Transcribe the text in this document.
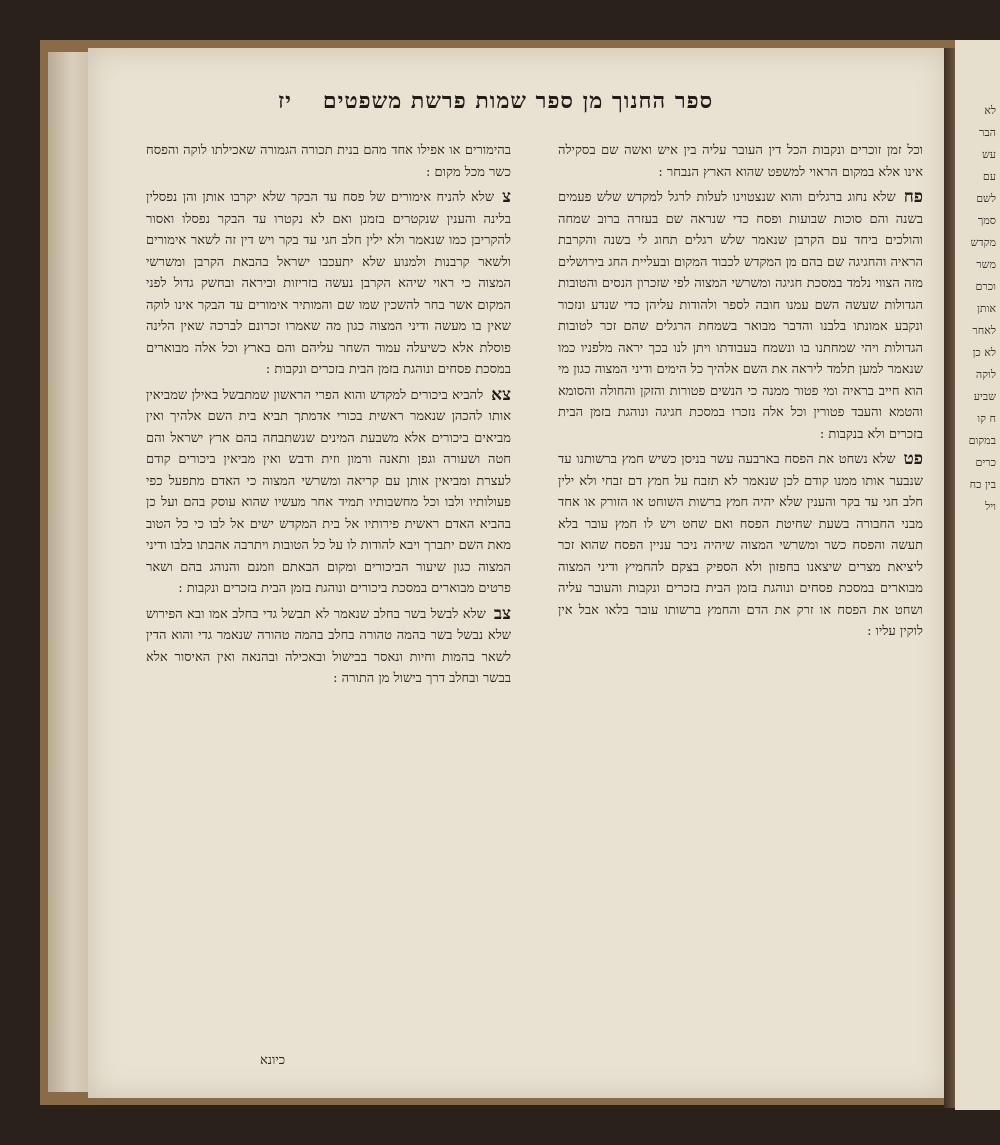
ספר החנוך מן ספר שמות פרשת משפטים
יז

וכל זמן זוכרים ונקבות הכל דין העובר עליה בין איש ואשה שם בסקילה אינו אלא במקום הראוי למשפט שהוא הארץ הנבחר :

פח
שלא נחוג ברגלים והוא שנצטוינו לעלות לרגל למקדש שלש פעמים בשנה והם סוכות שבועות ופסח כדי שנראה שם בעזרה ברוב שמחה והולכים ביחד עם הקרבן שנאמר שלש רגלים תחוג לי בשנה והקרבת הראיה והחגיגה שם בהם מן המקדש לכבוד המקום ובעליית החג בירושלים מזה הצווי נלמד במסכת חגיגה ומשרשי המצוה לפי שזכרון הנסים והטובות הגדולות שעשה השם עמנו חובה לספר ולהודות עליהן כדי שנדע ונזכור ונקבע אמונתו בלבנו והדבר מבואר בשמחת הרגלים שהם זכר לטובות הגדולות ויהי שמחתנו בו ונשמח בעבודתו ויתן לנו בכך יראה מלפניו כמו שנאמר למען תלמד ליראה את השם אלהיך כל הימים ודיני המצוה כגון מי הוא חייב בראיה ומי פטור ממנה כי הנשים פטורות והזקן והחולה והסומא והטמא והעבד פטורין וכל אלה נזכרו במסכת חגיגה ונוהגת בזמן הבית בזכרים ולא בנקבות :

פט
שלא נשחט את הפסח בארבעה עשר בניסן כשיש חמץ ברשותנו עד שנבער אותו ממנו קודם לכן שנאמר לא תזבח על חמץ דם זבחי ולא ילין חלב חגי עד בקר והענין שלא יהיה חמץ ברשות השוחט או הזורק או אחד מבני החבורה בשעת שחיטת הפסח ואם שחט ויש לו חמץ עובר בלא תעשה והפסח כשר ומשרשי המצוה שיהיה ניכר עניין הפסח שהוא זכר ליציאת מצרים שיצאנו בחפזון ולא הספיק בצקם להחמיץ ודיני המצוה מבוארים במסכת פסחים ונוהגת בזמן הבית בזכרים ונקבות והעובר עליה ושחט את הפסח או זרק את הדם והחמץ ברשותו עובר בלאו אבל אין לוקין עליו :

בהימורים או אפילו אחד מהם בנית תכורה הגמורה שאכילתו לוקה והפסח כשר מכל מקום :

צ
שלא להניח אימורים של פסח עד הבקר שלא יקרבו אותן והן נפסלין בלינה והענין שנקטרים בזמנן ואם לא נקטרו עד הבקר נפסלו ואסור להקריבן כמו שנאמר ולא ילין חלב חגי עד בקר ויש דין זה לשאר אימורים ולשאר קרבנות ולמנוע שלא יתעכבו ישראל בהבאת הקרבן ומשרשי המצוה כי ראוי שיהא הקרבן נעשה בזריזות וביראה ובחשק גדול לפני המקום אשר בחר להשכין שמו שם והמותיר אימורים עד הבקר אינו לוקה שאין בו מעשה ודיני המצוה כגון מה שאמרו זכרונם לברכה שאין הלינה פוסלת אלא כשיעלה עמוד השחר עליהם והם בארץ וכל אלה מבוארים במסכת פסחים ונוהגת בזמן הבית בזכרים ונקבות :

צא
להביא ביכורים למקדש והוא הפרי הראשון שמתבשל באילן שמביאין אותו להכהן שנאמר ראשית בכורי אדמתך תביא בית השם אלהיך ואין מביאים ביכורים אלא משבעת המינים שנשתבחה בהם ארץ ישראל והם חטה ושעורה וגפן ותאנה ורמון וזית ודבש ואין מביאין ביכורים קודם לעצרת ומביאין אותן עם קריאה ומשרשי המצוה כי האדם מתפעל כפי פעולותיו ולבו וכל מחשבותיו תמיד אחר מעשיו שהוא עוסק בהם ועל כן בהביא האדם ראשית פירותיו אל בית המקדש ישים אל לבו כי כל הטוב מאת השם יתברך ויבא להודות לו על כל הטובות ויתרבה אהבתו בלבו ודיני המצוה כגון שיעור הביכורים ומקום הבאתם וזמנם והנוהג בהם ושאר פרטים מבוארים במסכת ביכורים ונוהגת בזמן הבית בזכרים ונקבות :

צב
שלא לבשל בשר בחלב שנאמר לא תבשל גדי בחלב אמו ובא הפירוש שלא נבשל בשר בהמה טהורה בחלב בהמה טהורה שנאמר גדי והוא הדין לשאר בהמות וחיות ונאסר בבישול ובאכילה ובהנאה ואין האיסור אלא בבשר ובחלב דרך בישול מן התורה :

כיונא
לא
הבר
עש
עם
לשם
סמך
מקדש
משר
וכרם
אותן
לאחר
לא כן
לוקה
שביע
ח קו
במקום
כרים
בין כח
ויל
